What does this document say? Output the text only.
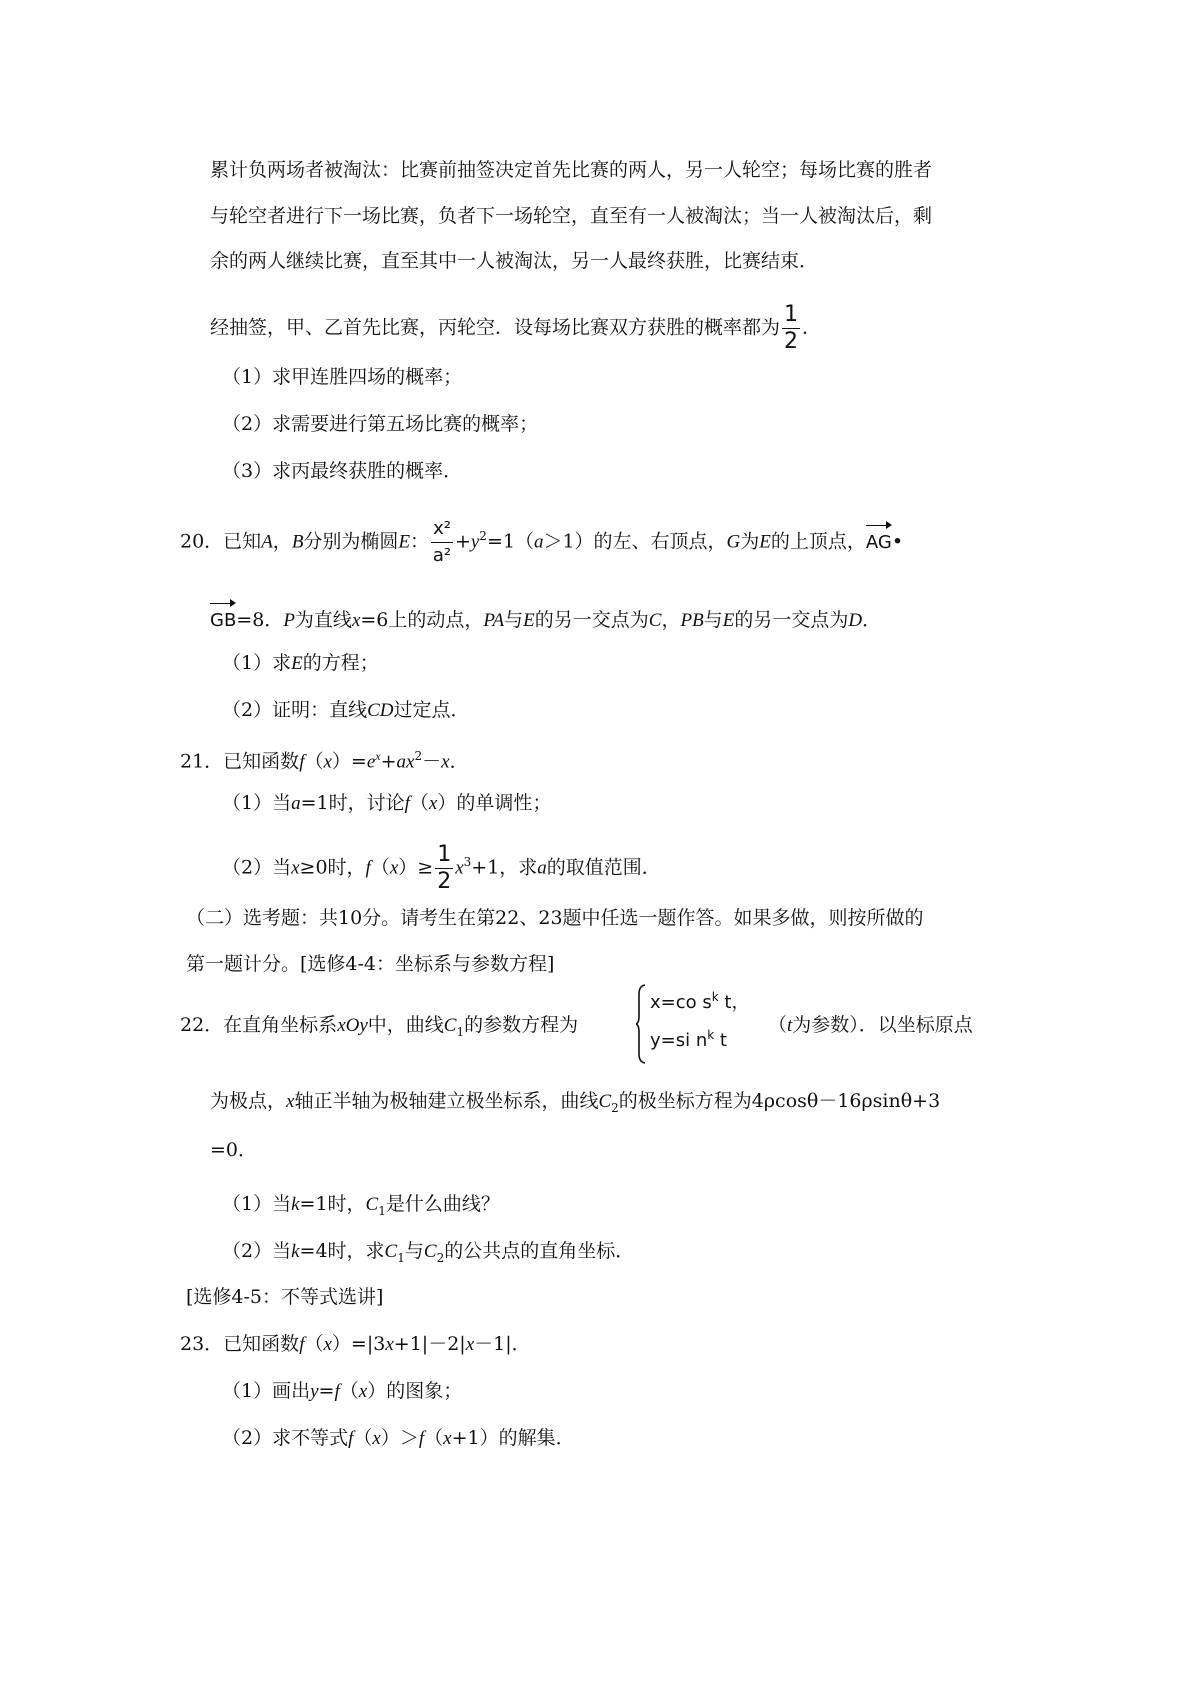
累计负两场者被淘汰：比赛前抽签决定首先比赛的两人，另一人轮空；每场比赛的胜者
与轮空者进行下一场比赛，负者下一场轮空，直至有一人被淘汰；当一人被淘汰后，剩
余的两人继续比赛，直至其中一人被淘汰，另一人最终获胜，比赛结束．
经抽签，甲、乙首先比赛，丙轮空．设每场比赛双方获胜的概率都为 $\frac{1}{2}$ ．
（1）求甲连胜四场的概率；
（2）求需要进行第五场比赛的概率；
（3）求丙最终获胜的概率．
20．已知A，B分别为椭圆E： $\frac{\text{x²}}{\text{a²}} +y^2=1(a>1)$的左、右顶点，G为E的上顶点，AG•
GB=8．P为直线x=6上的动点，PA与E的另一交点为C，PB与E的另一交点为D．
（1）求E的方程；
（2）证明：直线CD过定点．
21．已知函数$f(x)=e^x+ax^2-x$．
（1）当a=1时，讨论f（x）的单调性；
（2）当x≥0时，$f(x)\ge \frac{1}{2} x^3+1$，求a的取值范围．
（二）选考题：共10分。请考生在第22、23题中任选一题作答。如果多做，则按所做的
第一题计分。[选修4-4：坐标系与参数方程]
22．在直角坐标系xOy中，曲线$C_1$的参数方程为
x=co $s^k$ t，
y=si $n^k$ t
（t为参数）．以坐标原点
为极点，x轴正半轴为极轴建立极坐标系，曲线$C_2$的极坐标方程为4ρcosθ－16ρsinθ+3
=0．
（1）当k=1时，$C_1$是什么曲线？
（2）当k=4时，求$C_1$与$C_2$的公共点的直角坐标．
[选修4-5：不等式选讲]
23．已知函数f（x）=|3x+1|－2|x－1|．
（1）画出y=f（x）的图象；
（2）求不等式f（x）＞f（x+1）的解集．
